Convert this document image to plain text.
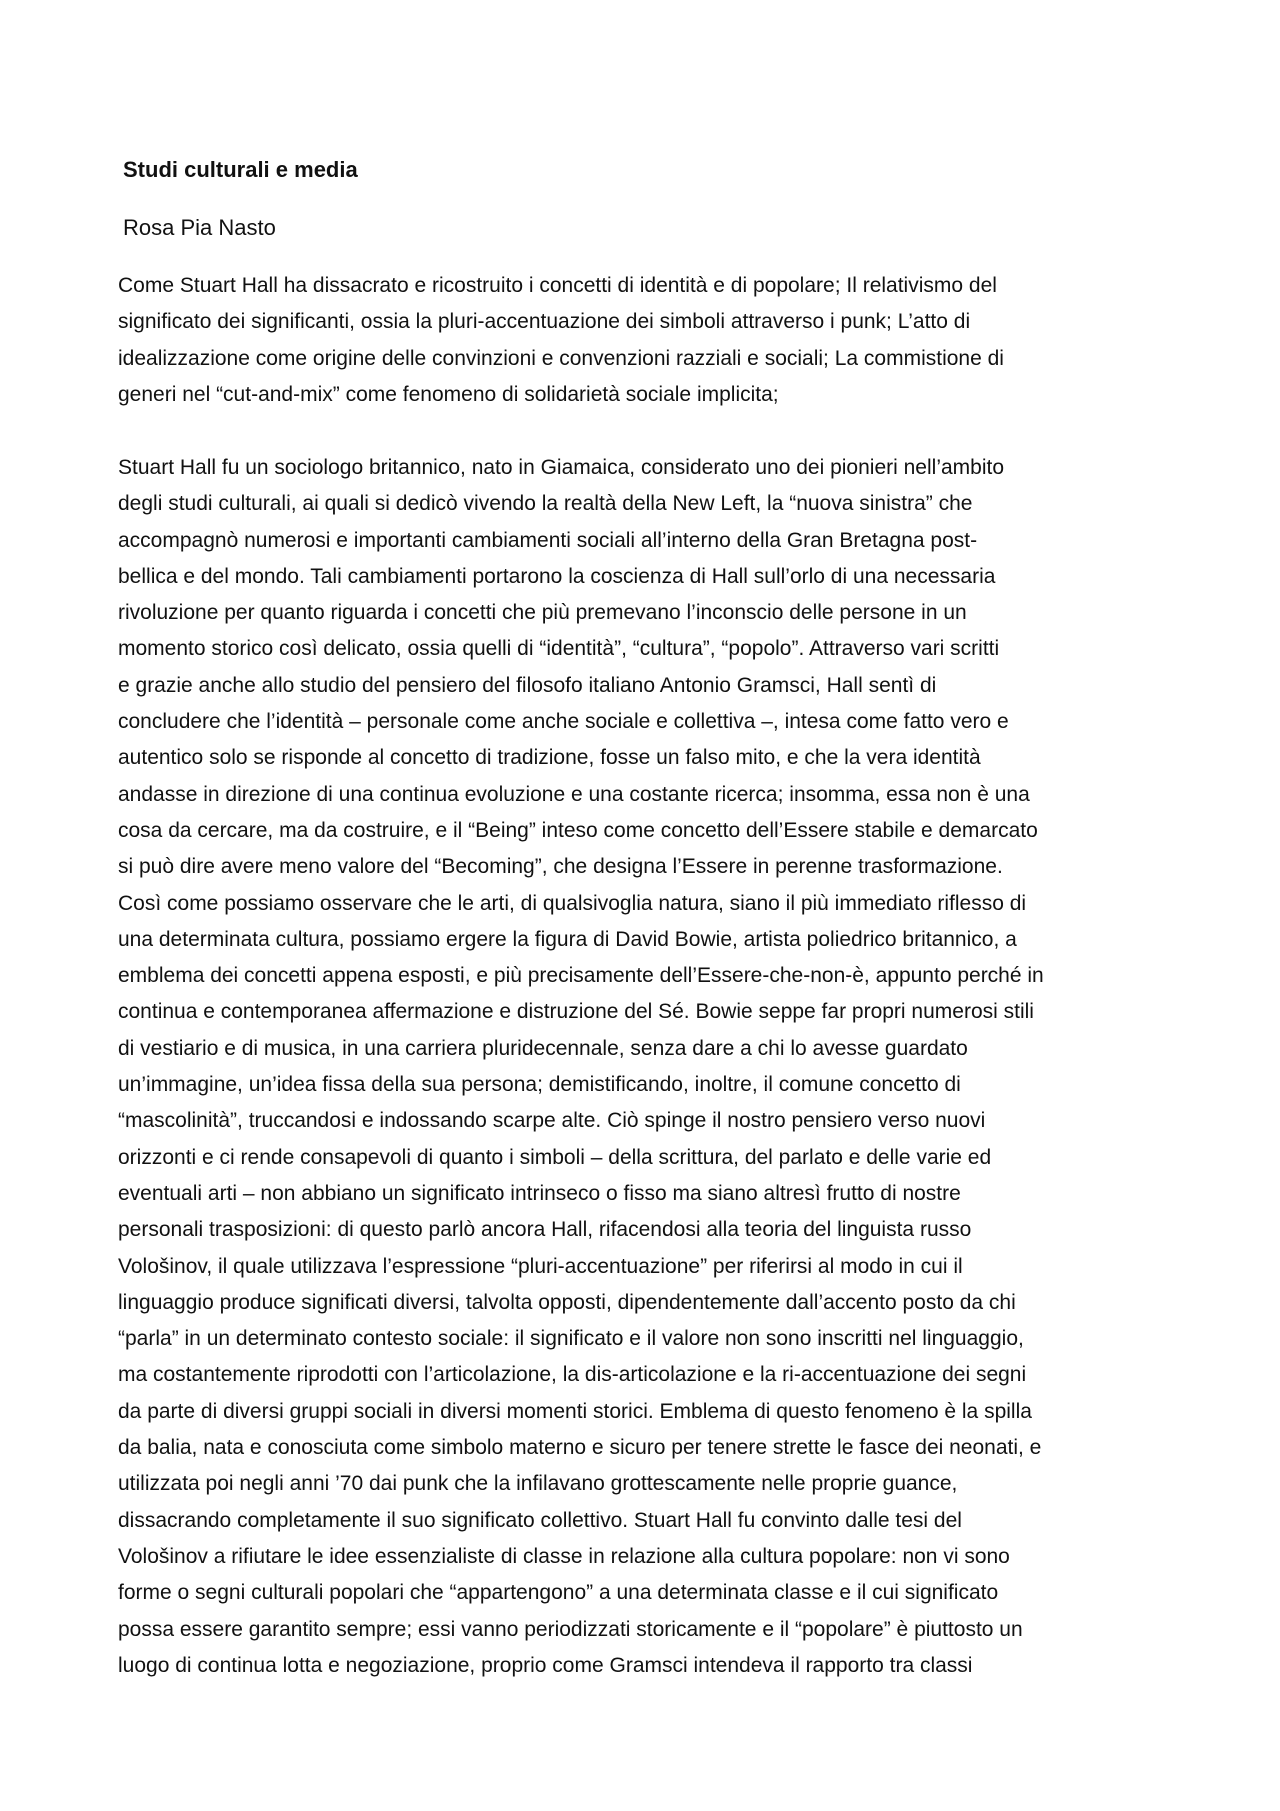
Studi culturali e media
Rosa Pia Nasto
Come Stuart Hall ha dissacrato e ricostruito i concetti di identità e di popolare; Il relativismo del
significato dei significanti, ossia la pluri-accentuazione dei simboli attraverso i punk; L’atto di
idealizzazione come origine delle convinzioni e convenzioni razziali e sociali; La commistione di
generi nel “cut-and-mix” come fenomeno di solidarietà sociale implicita;
Stuart Hall fu un sociologo britannico, nato in Giamaica, considerato uno dei pionieri nell’ambito
degli studi culturali, ai quali si dedicò vivendo la realtà della New Left, la “nuova sinistra” che
accompagnò numerosi e importanti cambiamenti sociali all’interno della Gran Bretagna post-
bellica e del mondo. Tali cambiamenti portarono la coscienza di Hall sull’orlo di una necessaria
rivoluzione per quanto riguarda i concetti che più premevano l’inconscio delle persone in un
momento storico così delicato, ossia quelli di “identità”, “cultura”, “popolo”. Attraverso vari scritti
e grazie anche allo studio del pensiero del filosofo italiano Antonio Gramsci, Hall sentì di
concludere che l’identità – personale come anche sociale e collettiva –, intesa come fatto vero e
autentico solo se risponde al concetto di tradizione, fosse un falso mito, e che la vera identità
andasse in direzione di una continua evoluzione e una costante ricerca; insomma, essa non è una
cosa da cercare, ma da costruire, e il “Being” inteso come concetto dell’Essere stabile e demarcato
si può dire avere meno valore del “Becoming”, che designa l’Essere in perenne trasformazione.
Così come possiamo osservare che le arti, di qualsivoglia natura, siano il più immediato riflesso di
una determinata cultura, possiamo ergere la figura di David Bowie, artista poliedrico britannico, a
emblema dei concetti appena esposti, e più precisamente dell’Essere-che-non-è, appunto perché in
continua e contemporanea affermazione e distruzione del Sé. Bowie seppe far propri numerosi stili
di vestiario e di musica, in una carriera pluridecennale, senza dare a chi lo avesse guardato
un’immagine, un’idea fissa della sua persona; demistificando, inoltre, il comune concetto di
“mascolinità”, truccandosi e indossando scarpe alte. Ciò spinge il nostro pensiero verso nuovi
orizzonti e ci rende consapevoli di quanto i simboli – della scrittura, del parlato e delle varie ed
eventuali arti – non abbiano un significato intrinseco o fisso ma siano altresì frutto di nostre
personali trasposizioni: di questo parlò ancora Hall, rifacendosi alla teoria del linguista russo
Vološinov, il quale utilizzava l’espressione “pluri-accentuazione” per riferirsi al modo in cui il
linguaggio produce significati diversi, talvolta opposti, dipendentemente dall’accento posto da chi
“parla” in un determinato contesto sociale: il significato e il valore non sono inscritti nel linguaggio,
ma costantemente riprodotti con l’articolazione, la dis-articolazione e la ri-accentuazione dei segni
da parte di diversi gruppi sociali in diversi momenti storici. Emblema di questo fenomeno è la spilla
da balia, nata e conosciuta come simbolo materno e sicuro per tenere strette le fasce dei neonati, e
utilizzata poi negli anni ’70 dai punk che la infilavano grottescamente nelle proprie guance,
dissacrando completamente il suo significato collettivo. Stuart Hall fu convinto dalle tesi del
Vološinov a rifiutare le idee essenzialiste di classe in relazione alla cultura popolare: non vi sono
forme o segni culturali popolari che “appartengono” a una determinata classe e il cui significato
possa essere garantito sempre; essi vanno periodizzati storicamente e il “popolare” è piuttosto un
luogo di continua lotta e negoziazione, proprio come Gramsci intendeva il rapporto tra classi
